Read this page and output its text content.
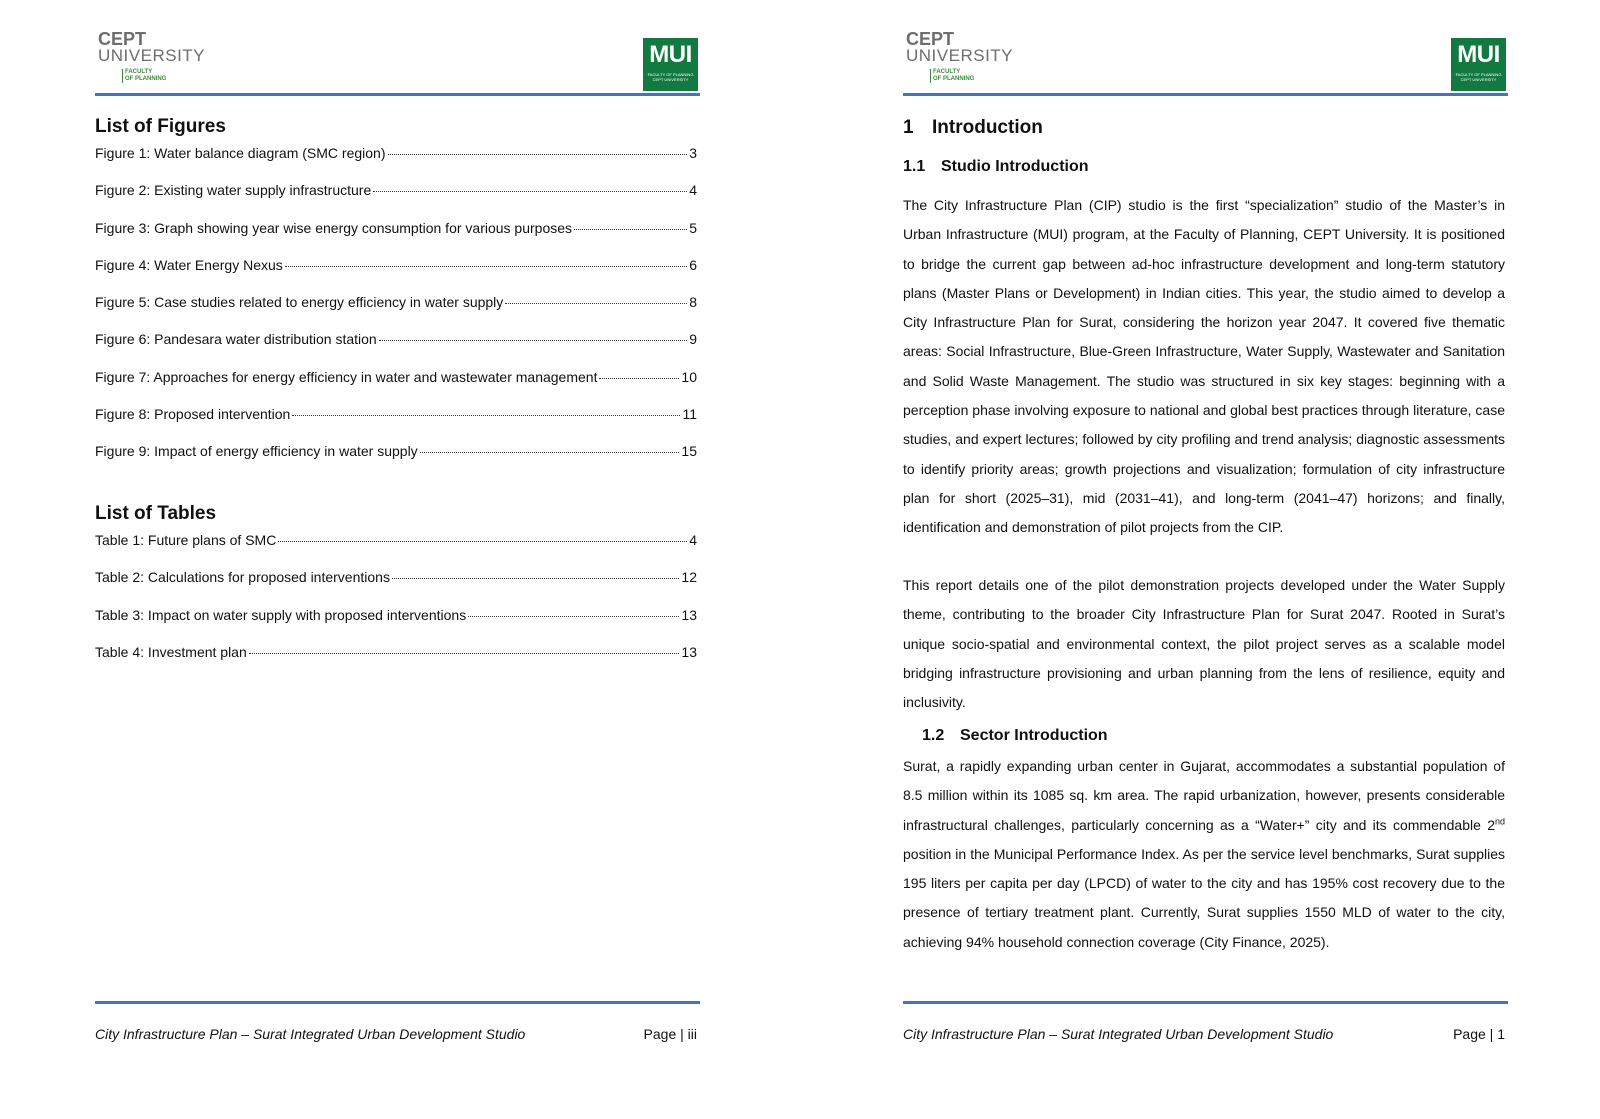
CEPT
UNIVERSITY
FACULTY
OF PLANNING
MUI
FACULTY OF PLANNING
CEPT UNIVERSITY
List of Figures
Figure 1: Water balance diagram (SMC region)	3
Figure 2: Existing water supply infrastructure	4
Figure 3: Graph showing year wise energy consumption for various purposes	5
Figure 4: Water Energy Nexus	6
Figure 5: Case studies related to energy efficiency in water supply	8
Figure 6: Pandesara water distribution station	9
Figure 7: Approaches for energy efficiency in water and wastewater management	10
Figure 8: Proposed intervention	11
Figure 9: Impact of energy efficiency in water supply	15
List of Tables
Table 1: Future plans of SMC	4
Table 2: Calculations for proposed interventions	12
Table 3: Impact on water supply with proposed interventions	13
Table 4: Investment plan	13
City Infrastructure Plan – Surat Integrated Urban Development Studio	Page | iii
CEPT
UNIVERSITY
FACULTY
OF PLANNING
MUI
FACULTY OF PLANNING
CEPT UNIVERSITY
1 Introduction
1.1 Studio Introduction

The City Infrastructure Plan (CIP) studio is the first “specialization” studio of the Master’s in Urban Infrastructure (MUI) program, at the Faculty of Planning, CEPT University. It is positioned to bridge the current gap between ad-hoc infrastructure development and long-term statutory plans (Master Plans or Development) in Indian cities. This year, the studio aimed to develop a City Infrastructure Plan for Surat, considering the horizon year 2047. It covered five thematic areas: Social Infrastructure, Blue-Green Infrastructure, Water Supply, Wastewater and Sanitation and Solid Waste Management. The studio was structured in six key stages: beginning with a perception phase involving exposure to national and global best practices through literature, case studies, and expert lectures; followed by city profiling and trend analysis; diagnostic assessments to identify priority areas; growth projections and visualization; formulation of city infrastructure plan for short (2025–31), mid (2031–41), and long-term (2041–47) horizons; and finally, identification and demonstration of pilot projects from the CIP.

This report details one of the pilot demonstration projects developed under the Water Supply theme, contributing to the broader City Infrastructure Plan for Surat 2047. Rooted in Surat’s unique socio-spatial and environmental context, the pilot project serves as a scalable model bridging infrastructure provisioning and urban planning from the lens of resilience, equity and inclusivity.

1.2 Sector Introduction

Surat, a rapidly expanding urban center in Gujarat, accommodates a substantial population of 8.5 million within its 1085 sq. km area. The rapid urbanization, however, presents considerable infrastructural challenges, particularly concerning as a “Water+” city and its commendable 2nd position in the Municipal Performance Index. As per the service level benchmarks, Surat supplies 195 liters per capita per day (LPCD) of water to the city and has 195% cost recovery due to the presence of tertiary treatment plant. Currently, Surat supplies 1550 MLD of water to the city, achieving 94% household connection coverage (City Finance, 2025).

City Infrastructure Plan – Surat Integrated Urban Development Studio	Page | 1
